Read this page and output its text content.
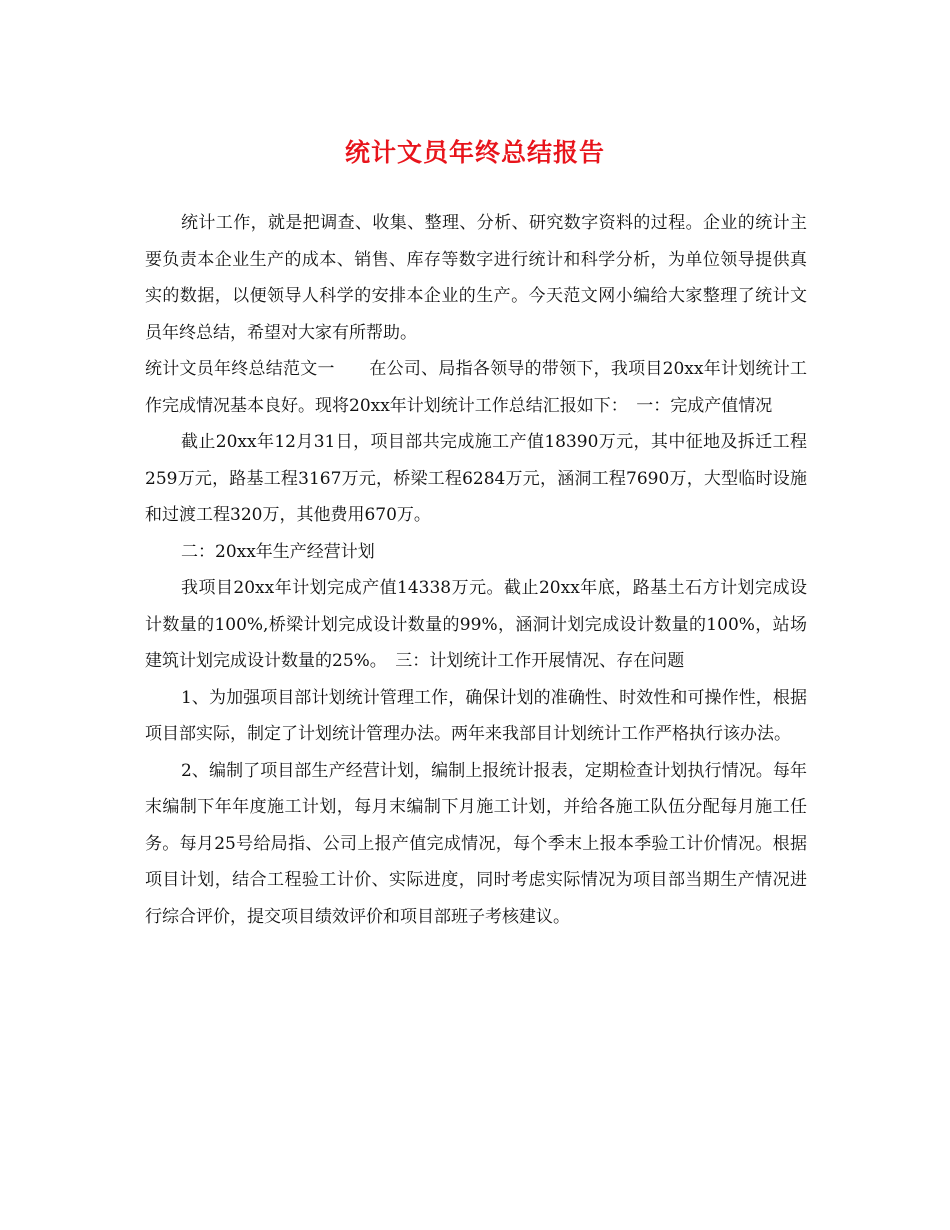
统计文员年终总结报告

统计工作，就是把调查、收集、整理、分析、研究数字资料的过程。企业的统计主要负责本企业生产的成本、销售、库存等数字进行统计和科学分析，为单位领导提供真实的数据，以便领导人科学的安排本企业的生产。今天范文网小编给大家整理了统计文员年终总结，希望对大家有所帮助。

统计文员年终总结范文一　　在公司、局指各领导的带领下，我项目20xx年计划统计工作完成情况基本良好。现将20xx年计划统计工作总结汇报如下：　一：完成产值情况

截止20xx年12月31日，项目部共完成施工产值18390万元，其中征地及拆迁工程259万元，路基工程3167万元，桥梁工程6284万元，涵洞工程7690万，大型临时设施和过渡工程320万，其他费用670万。

二：20xx年生产经营计划

我项目20xx年计划完成产值14338万元。截止20xx年底，路基土石方计划完成设计数量的100%,桥梁计划完成设计数量的99%，涵洞计划完成设计数量的100%，站场建筑计划完成设计数量的25%。　三：计划统计工作开展情况、存在问题

1、为加强项目部计划统计管理工作，确保计划的准确性、时效性和可操作性，根据项目部实际，制定了计划统计管理办法。两年来我部目计划统计工作严格执行该办法。

2、编制了项目部生产经营计划，编制上报统计报表，定期检查计划执行情况。每年末编制下年年度施工计划，每月末编制下月施工计划，并给各施工队伍分配每月施工任务。每月25号给局指、公司上报产值完成情况，每个季末上报本季验工计价情况。根据项目计划，结合工程验工计价、实际进度，同时考虑实际情况为项目部当期生产情况进行综合评价，提交项目绩效评价和项目部班子考核建议。
